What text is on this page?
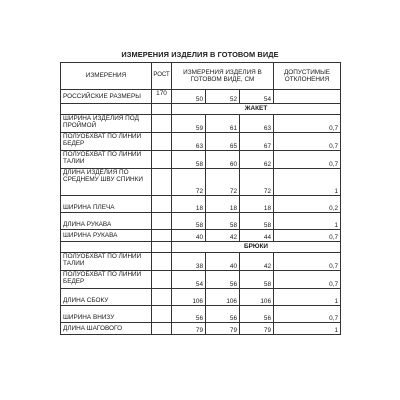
ИЗМЕРЕНИЯ ИЗДЕЛИЯ В ГОТОВОМ ВИДЕ
ИЗМЕРЕНИЯ	РОСТ	ИЗМЕРЕНИЯ ИЗДЕЛИЯ В ГОТОВОМ ВИДЕ, СМ			ДОПУСТИМЫЕ ОТКЛОНЕНИЯ
РОССИЙСКИЕ РАЗМЕРЫ	170	50	52	54	
		ЖАКЕТ			
ШИРИНА ИЗДЕЛИЯ ПОД ПРОЙМОЙ		59	61	63	0,7
ПОЛУОБХВАТ ПО ЛИНИИ БЕДЕР		63	65	67	0,7
ПОЛУОБХВАТ ПО ЛИНИИ ТАЛИИ		58	60	62	0,7
ДЛИНА ИЗДЕЛИЯ ПО СРЕДНЕМУ ШВУ СПИНКИ		72	72	72	1
ШИРИНА ПЛЕЧА		18	18	18	0,2
ДЛИНА РУКАВА		58	58	58	1
ШИРИНА РУКАВА		40	42	44	0,7
		БРЮКИ			
ПОЛУОБХВАТ ПО ЛИНИИ ТАЛИИ		38	40	42	0,7
ПОЛУОБХВАТ ПО ЛИНИИ БЕДЕР		54	56	58	0,7
ДЛИНА СБОКУ		106	106	106	1
ШИРИНА ВНИЗУ		56	56	56	0,7
ДЛИНА ШАГОВОГО		79	79	79	1
